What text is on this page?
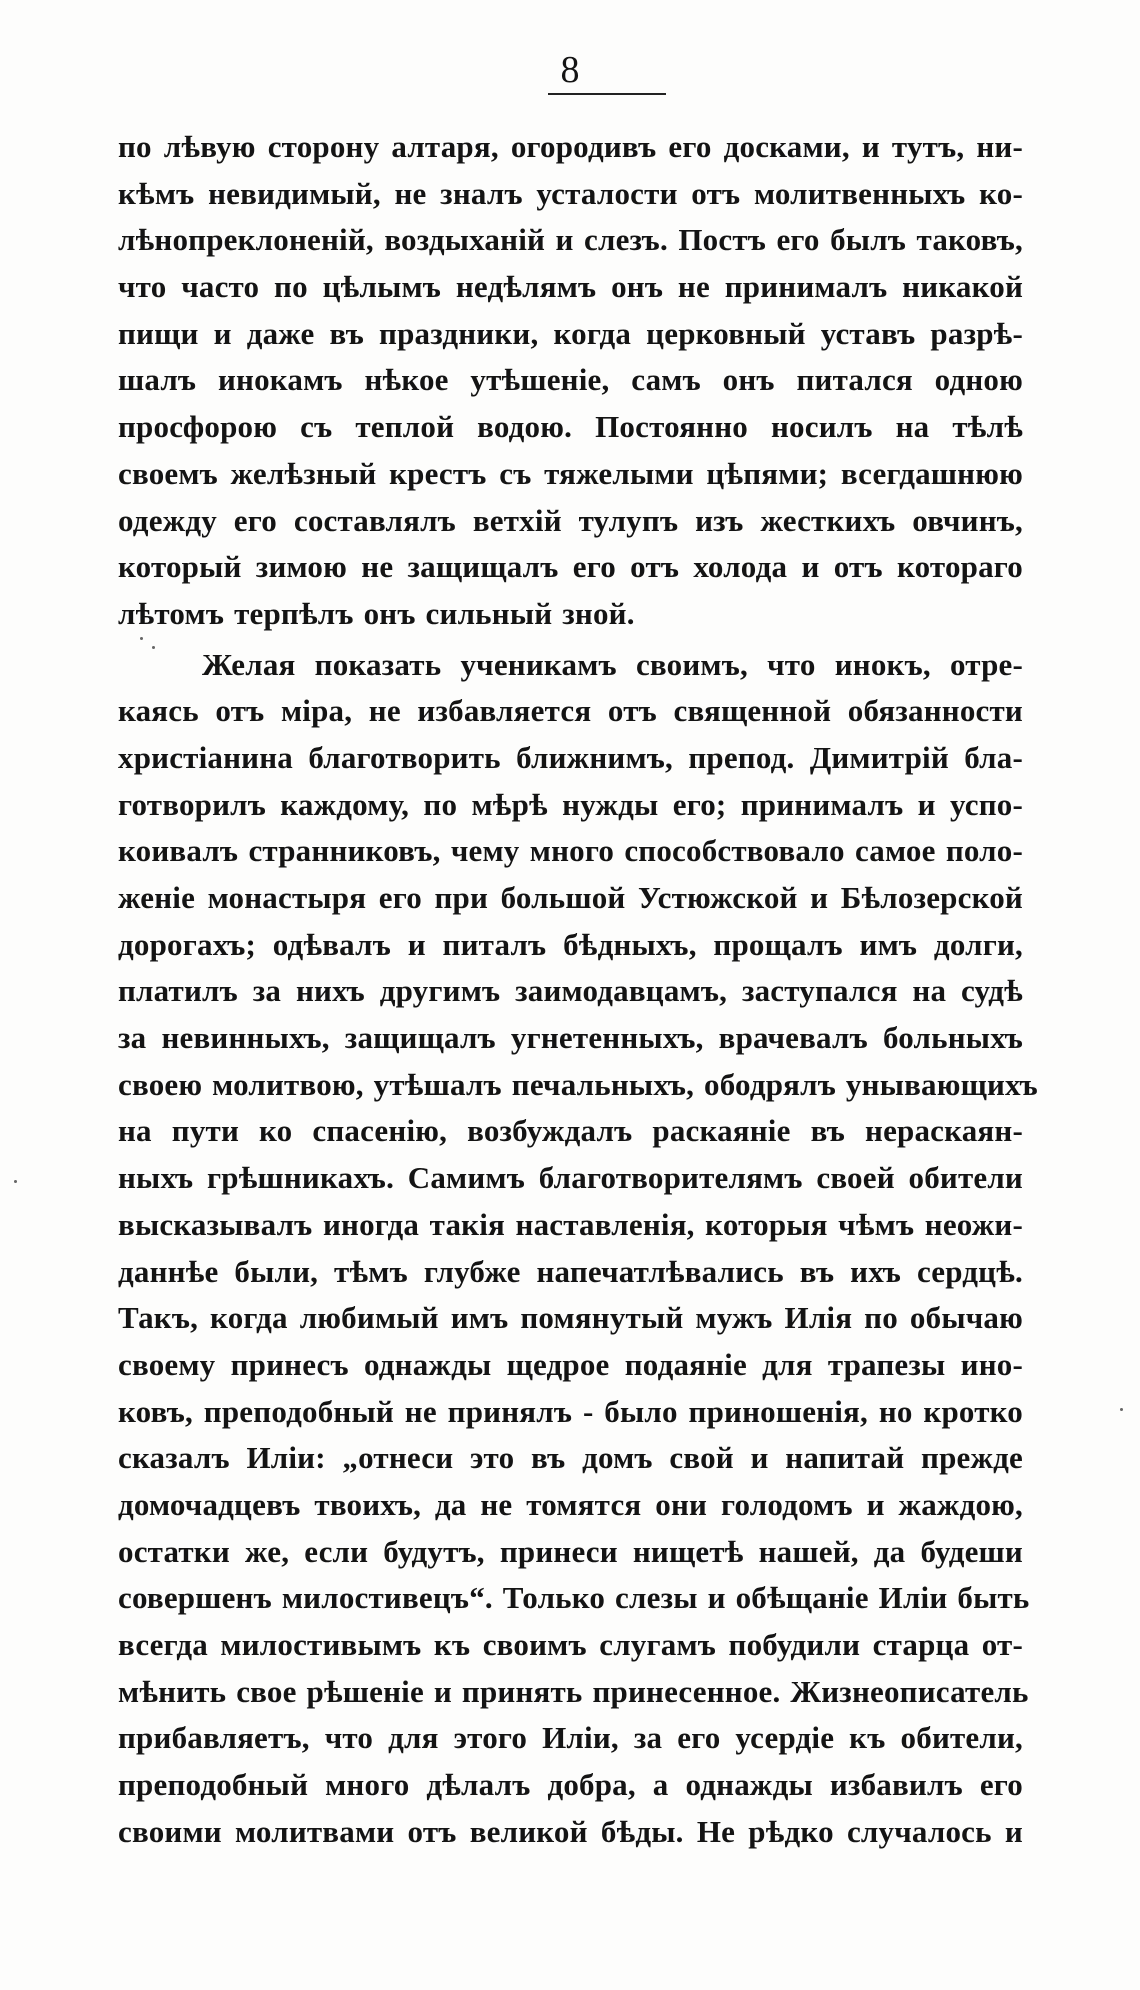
8

по лѣвую сторону алтаря, огородивъ его досками, и тутъ, ни-
кѣмъ невидимый, не зналъ усталости отъ молитвенныхъ ко-
лѣнопреклоненій, воздыханій и слезъ. Постъ его былъ таковъ,
что часто по цѣлымъ недѣлямъ онъ не принималъ никакой
пищи и даже въ праздники, когда церковный уставъ разрѣ-
шалъ инокамъ нѣкое утѣшеніе, самъ онъ питался одною
просфорою съ теплой водою. Постоянно носилъ на тѣлѣ
своемъ желѣзный крестъ съ тяжелыми цѣпями; всегдашнюю
одежду его составлялъ ветхій тулупъ изъ жесткихъ овчинъ,
который зимою не защищалъ его отъ холода и отъ котораго
лѣтомъ терпѣлъ онъ сильный зной.

Желая показать ученикамъ своимъ, что инокъ, отре-
каясь отъ міра, не избавляется отъ священной обязанности
христіанина благотворить ближнимъ, препод. Димитрій бла-
готворилъ каждому, по мѣрѣ нужды его; принималъ и успо-
коивалъ странниковъ, чему много способствовало самое поло-
женіе монастыря его при большой Устюжской и Бѣлозерской
дорогахъ; одѣвалъ и питалъ бѣдныхъ, прощалъ имъ долги,
платилъ за нихъ другимъ заимодавцамъ, заступался на судѣ
за невинныхъ, защищалъ угнетенныхъ, врачевалъ больныхъ
своею молитвою, утѣшалъ печальныхъ, ободрялъ унывающихъ
на пути ко спасенію, возбуждалъ раскаяніе въ нераскаян-
ныхъ грѣшникахъ. Самимъ благотворителямъ своей обители
высказывалъ иногда такія наставленія, которыя чѣмъ неожи-
даннѣе были, тѣмъ глубже напечатлѣвались въ ихъ сердцѣ.
Такъ, когда любимый имъ помянутый мужъ Илія по обычаю
своему принесъ однажды щедрое подаяніе для трапезы ино-
ковъ, преподобный не принялъ - было приношенія, но кротко
сказалъ Иліи: „отнеси это въ домъ свой и напитай прежде
домочадцевъ твоихъ, да не томятся они голодомъ и жаждою,
остатки же, если будутъ, принеси нищетѣ нашей, да будеши
совершенъ милостивецъ“. Только слезы и обѣщаніе Иліи быть
всегда милостивымъ къ своимъ слугамъ побудили старца от-
мѣнить свое рѣшеніе и принять принесенное. Жизнеописатель
прибавляетъ, что для этого Иліи, за его усердіе къ обители,
преподобный много дѣлалъ добра, а однажды избавилъ его
своими молитвами отъ великой бѣды. Не рѣдко случалось и
